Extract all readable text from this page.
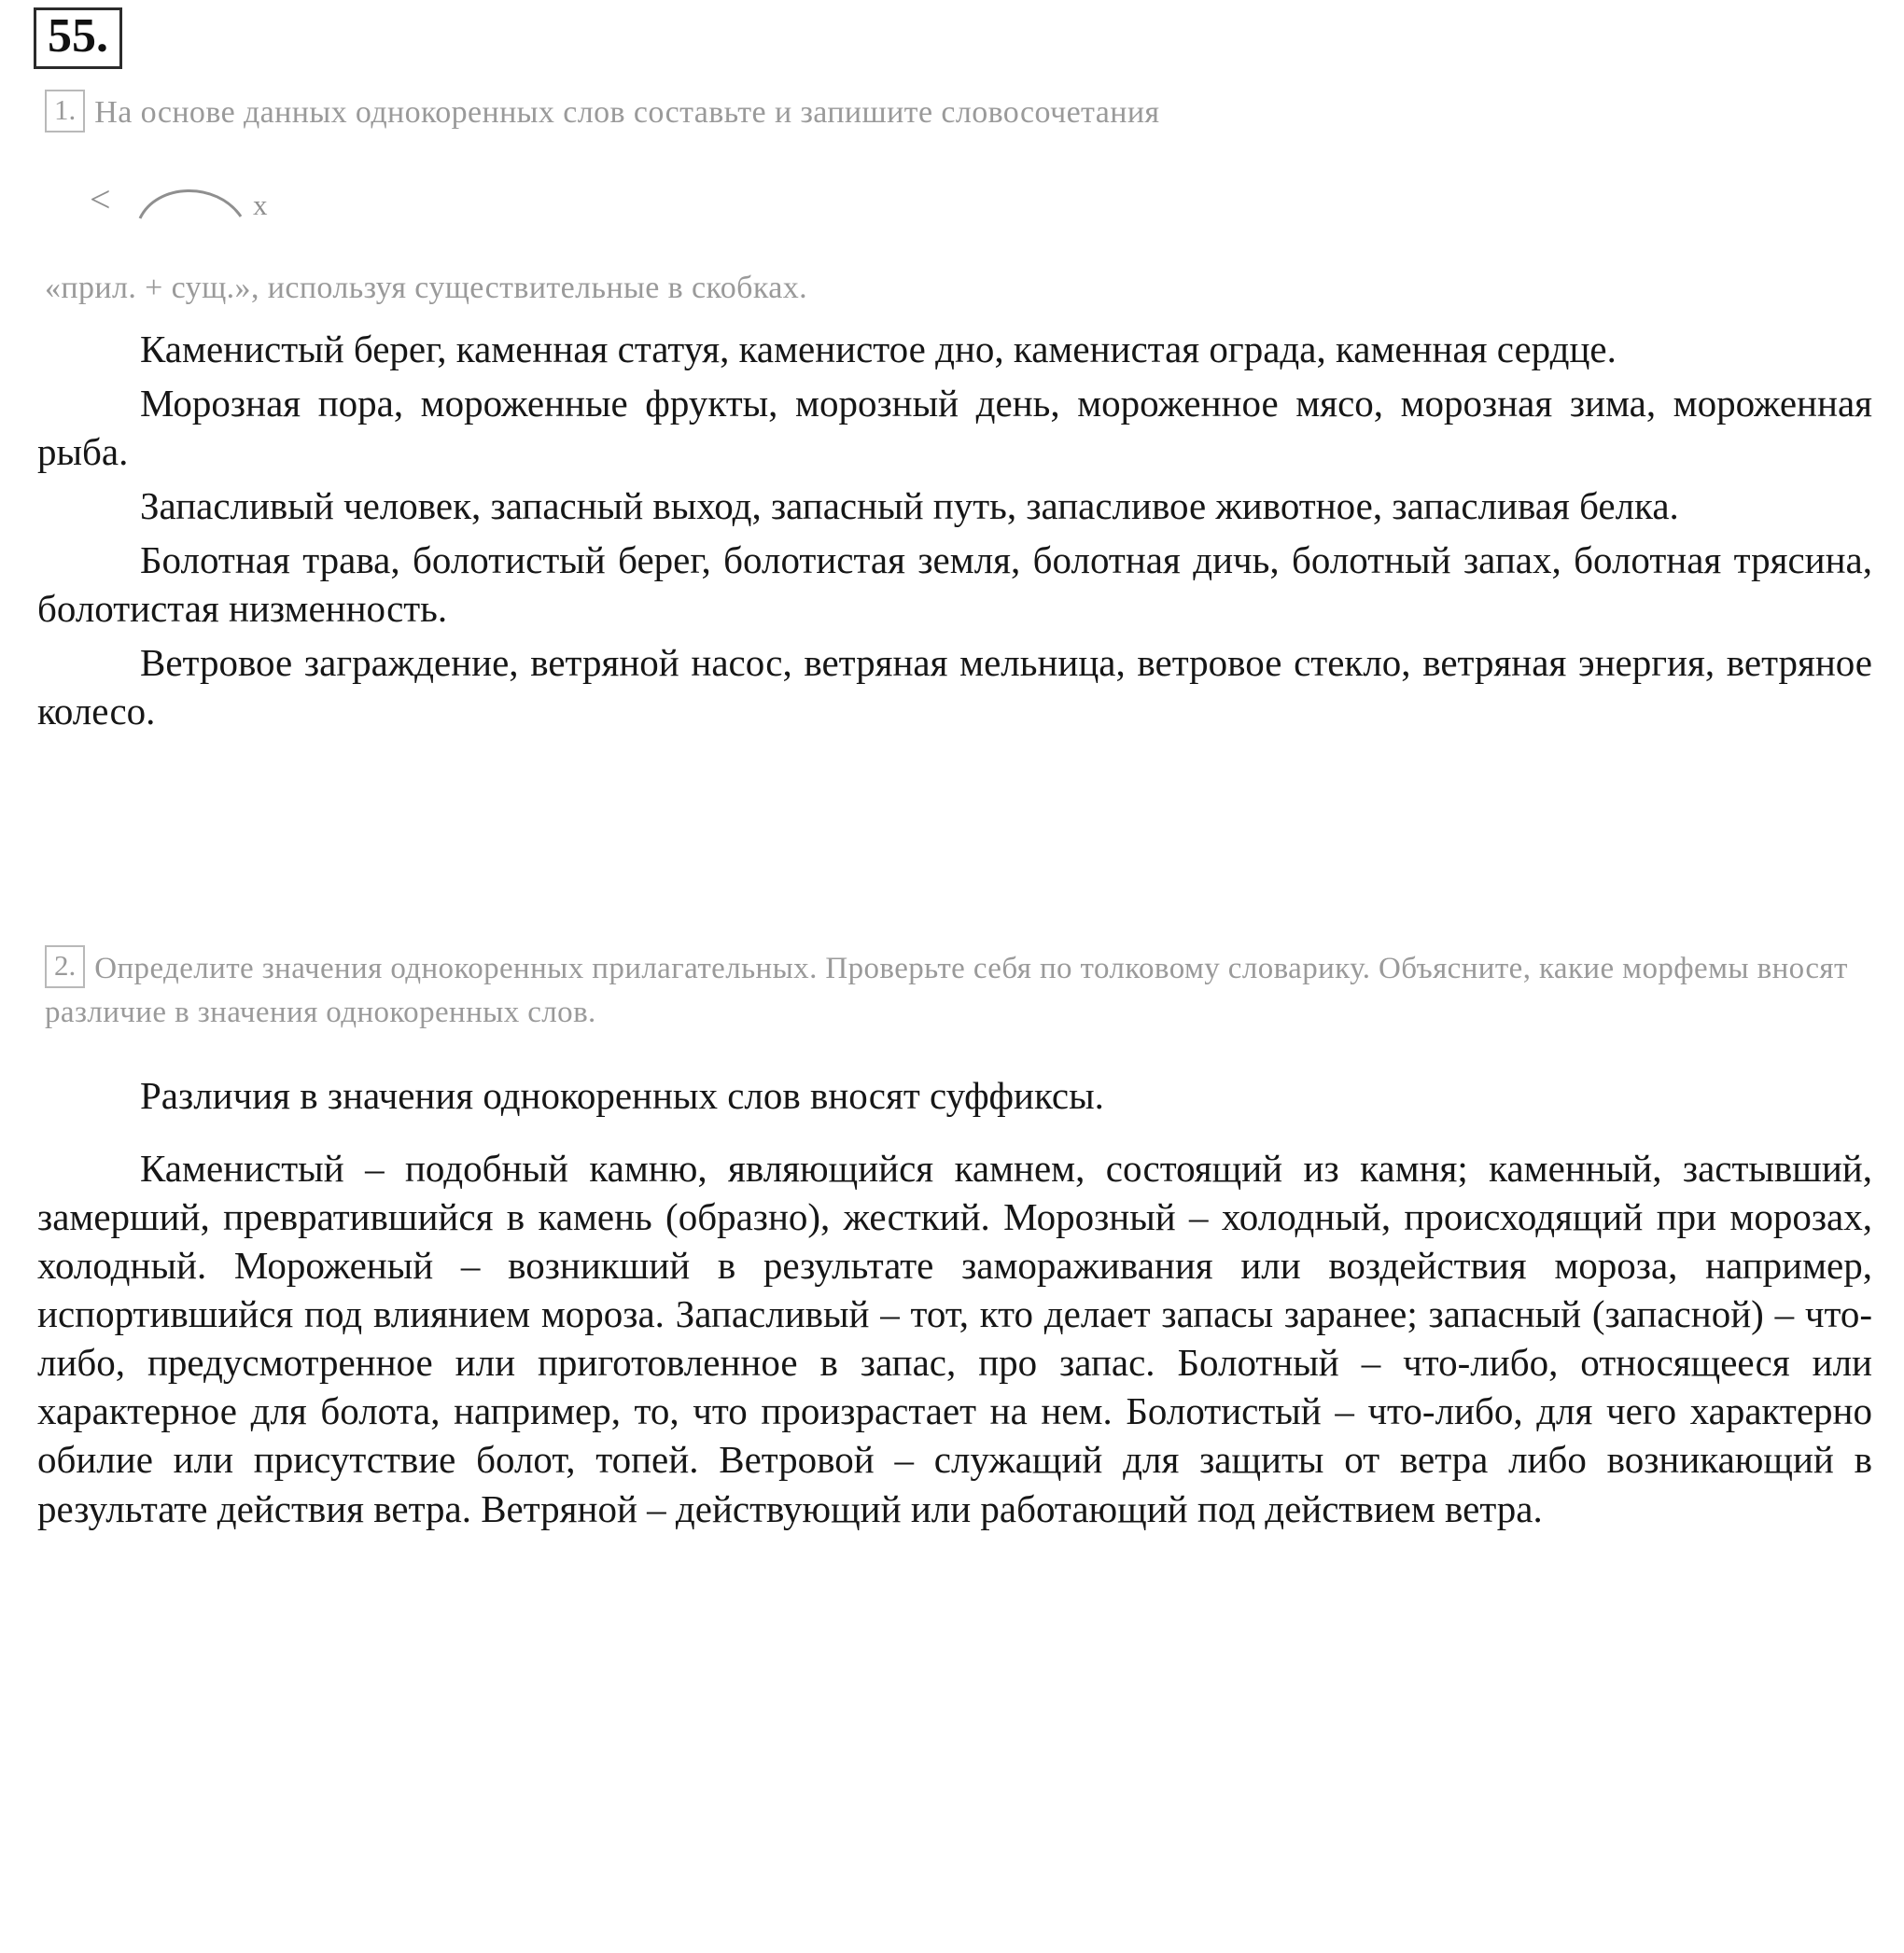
55.
1. На основе данных однокоренных слов составьте и запишите словосочетания
<	x
«прил. + сущ.», используя существительные в скобках.

Каменистый берег, каменная статуя, каменистое дно, каменистая ограда, каменная сердце.

Морозная пора, мороженные фрукты, морозный день, мороженное мясо, морозная зима, мороженная рыба.

Запасливый человек, запасный выход, запасный путь, запасливое животное, запасливая белка.

Болотная трава, болотистый берег, болотистая земля, болотная дичь, болотный запах, болотная трясина, болотистая низменность.

Ветровое заграждение, ветряной насос, ветряная мельница, ветровое стекло, ветряная энергия, ветряное колесо.

2. Определите значения однокоренных прилагательных. Проверьте себя по толковому словарику. Объясните, какие морфемы вносят различие в значения однокоренных слов.

Различия в значения однокоренных слов вносят суффиксы.

Каменистый – подобный камню, являющийся камнем, состоящий из камня; каменный, застывший, замерший, превратившийся в камень (образно), жесткий. Морозный – холодный, происходящий при морозах, холодный. Мороженый – возникший в результате замораживания или воздействия мороза, например, испортившийся под влиянием мороза. Запасливый – тот, кто делает запасы заранее; запасный (запасной) – что-либо, предусмотренное или приготовленное в запас, про запас. Болотный – что-либо, относящееся или характерное для болота, например, то, что произрастает на нем. Болотистый – что-либо, для чего характерно обилие или присутствие болот, топей. Ветровой – служащий для защиты от ветра либо возникающий в результате действия ветра. Ветряной – действующий или работающий под действием ветра.
